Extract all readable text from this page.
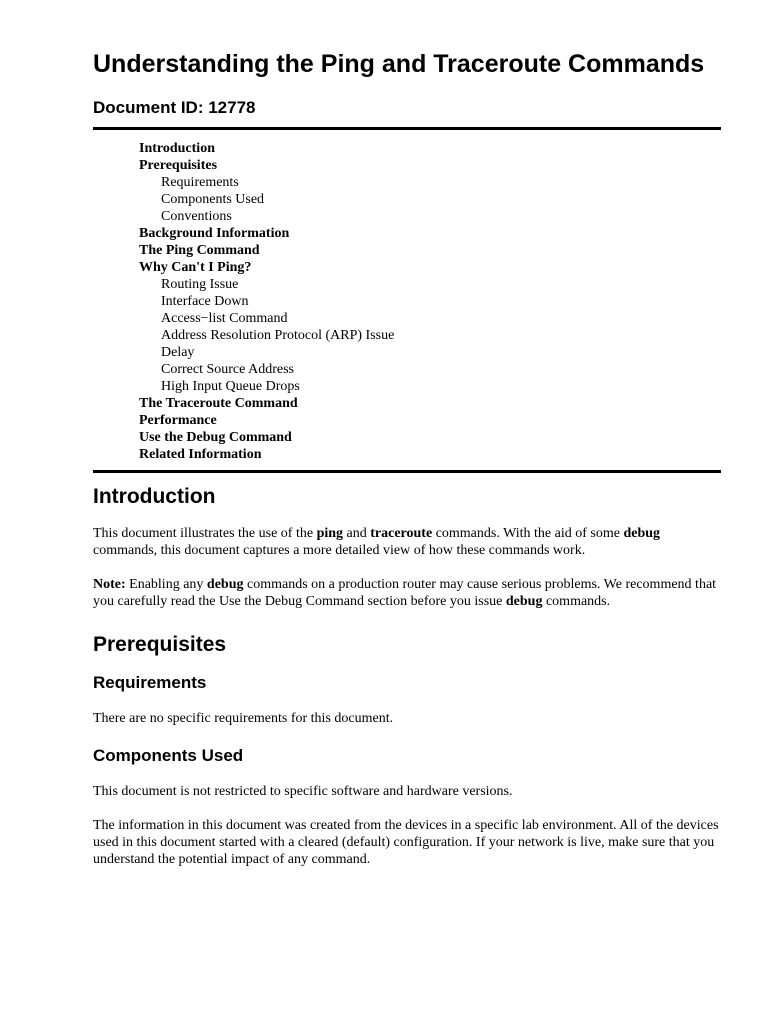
Understanding the Ping and Traceroute Commands
Document ID: 12778
Introduction
Prerequisites
Requirements
Components Used
Conventions
Background Information
The Ping Command
Why Can't I Ping?
Routing Issue
Interface Down
Access−list Command
Address Resolution Protocol (ARP) Issue
Delay
Correct Source Address
High Input Queue Drops
The Traceroute Command
Performance
Use the Debug Command
Related Information
Introduction

This document illustrates the use of the ping and traceroute commands. With the aid of some debug commands, this document captures a more detailed view of how these commands work.

Note: Enabling any debug commands on a production router may cause serious problems. We recommend that you carefully read the Use the Debug Command section before you issue debug commands.

Prerequisites
Requirements

There are no specific requirements for this document.

Components Used

This document is not restricted to specific software and hardware versions.

The information in this document was created from the devices in a specific lab environment. All of the devices used in this document started with a cleared (default) configuration. If your network is live, make sure that you understand the potential impact of any command.
